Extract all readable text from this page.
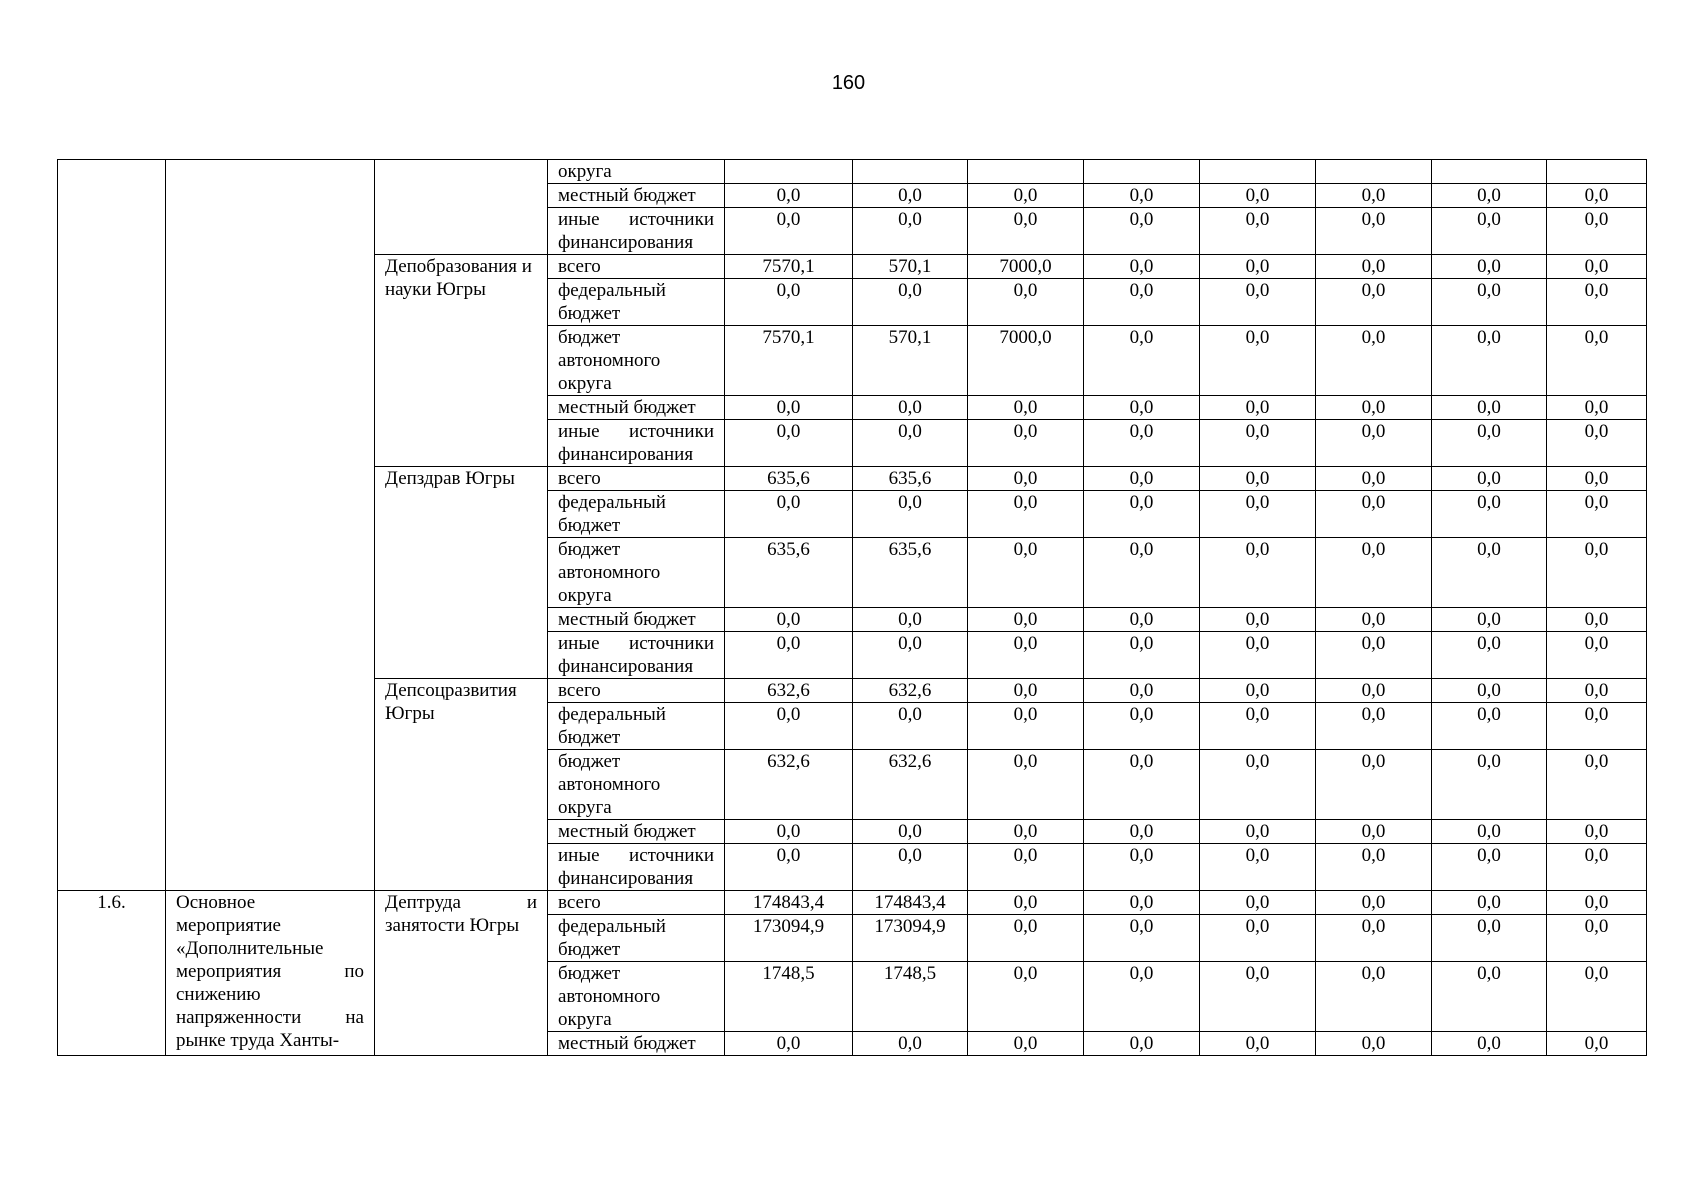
160
			округа								
			местный бюджет	0,0	0,0	0,0	0,0	0,0	0,0	0,0	0,0
			иные источники финансирования	0,0	0,0	0,0	0,0	0,0	0,0	0,0	0,0
		Депобразования и науки Югры	всего	7570,1	570,1	7000,0	0,0	0,0	0,0	0,0	0,0
			федеральный бюджет	0,0	0,0	0,0	0,0	0,0	0,0	0,0	0,0
			бюджет автономного округа	7570,1	570,1	7000,0	0,0	0,0	0,0	0,0	0,0
			местный бюджет	0,0	0,0	0,0	0,0	0,0	0,0	0,0	0,0
			иные источники финансирования	0,0	0,0	0,0	0,0	0,0	0,0	0,0	0,0
		Депздрав Югры	всего	635,6	635,6	0,0	0,0	0,0	0,0	0,0	0,0
			федеральный бюджет	0,0	0,0	0,0	0,0	0,0	0,0	0,0	0,0
			бюджет автономного округа	635,6	635,6	0,0	0,0	0,0	0,0	0,0	0,0
			местный бюджет	0,0	0,0	0,0	0,0	0,0	0,0	0,0	0,0
			иные источники финансирования	0,0	0,0	0,0	0,0	0,0	0,0	0,0	0,0
		Депсоцразвития Югры	всего	632,6	632,6	0,0	0,0	0,0	0,0	0,0	0,0
			федеральный бюджет	0,0	0,0	0,0	0,0	0,0	0,0	0,0	0,0
			бюджет автономного округа	632,6	632,6	0,0	0,0	0,0	0,0	0,0	0,0
			местный бюджет	0,0	0,0	0,0	0,0	0,0	0,0	0,0	0,0
			иные источники финансирования	0,0	0,0	0,0	0,0	0,0	0,0	0,0	0,0
1.6.	Основное мероприятие «Дополнительные мероприятия по снижению напряженности на рынке труда Ханты-	Дептруда и занятости Югры	всего	174843,4	174843,4	0,0	0,0	0,0	0,0	0,0	0,0
			федеральный бюджет	173094,9	173094,9	0,0	0,0	0,0	0,0	0,0	0,0
			бюджет автономного округа	1748,5	1748,5	0,0	0,0	0,0	0,0	0,0	0,0
			местный бюджет	0,0	0,0	0,0	0,0	0,0	0,0	0,0	0,0
